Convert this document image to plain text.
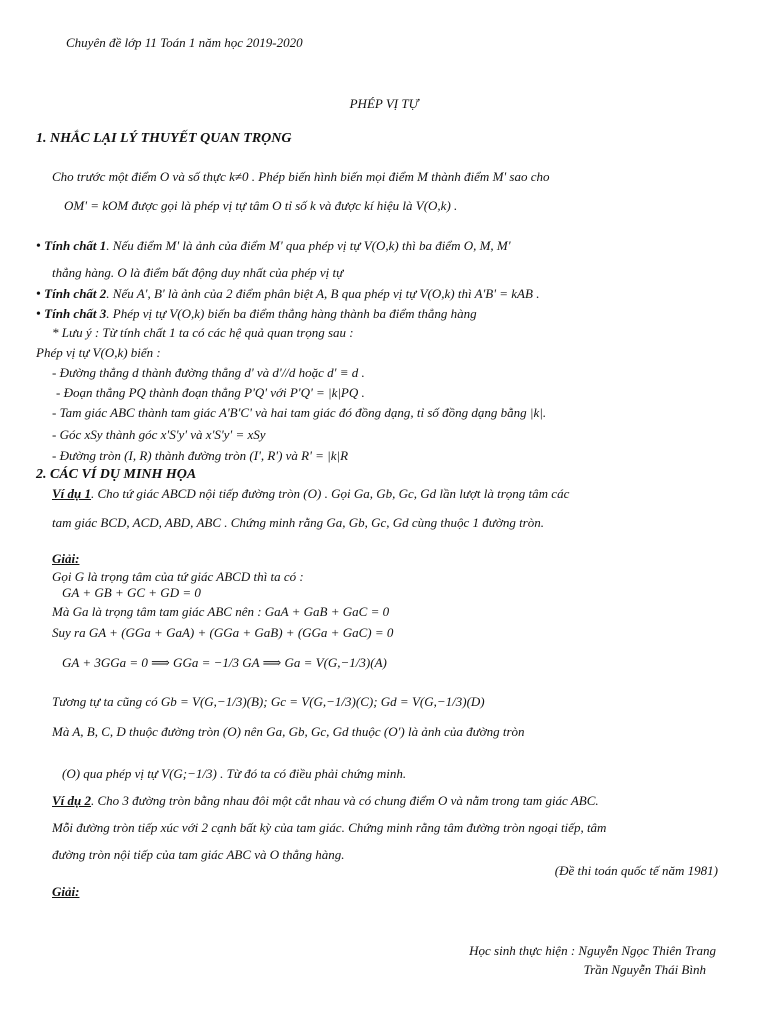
Chuyên đề lớp 11 Toán 1 năm học 2019-2020
PHÉP VỊ TỰ
1. NHẮC LẠI LÝ THUYẾT QUAN TRỌNG
Cho trước một điểm O và số thực k≠0 . Phép biến hình biến mọi điểm M thành điểm M' sao cho
OM' = kOM được gọi là phép vị tự tâm O tỉ số k và được kí hiệu là V(O,k) .
• Tính chất 1. Nếu điểm M' là ảnh của điểm M' qua phép vị tự V(O,k) thì ba điểm O, M, M'
thẳng hàng. O là điểm bất động duy nhất của phép vị tự
• Tính chất 2. Nếu A', B' là ảnh của 2 điểm phân biệt A, B qua phép vị tự V(O,k) thì A'B' = kAB .
• Tính chất 3. Phép vị tự V(O,k) biến ba điểm thẳng hàng thành ba điểm thẳng hàng
* Lưu ý : Từ tính chất 1 ta có các hệ quả quan trọng sau :
Phép vị tự V(O,k) biến :
- Đường thẳng d thành đường thẳng d' và d'//d hoặc d' ≡ d .
- Đoạn thẳng PQ thành đoạn thẳng P'Q' với P'Q' = |k|PQ .
- Tam giác ABC thành tam giác A'B'C' và hai tam giác đó đồng dạng, tỉ số đồng dạng bằng |k|.
- Góc xSy thành góc x'S'y' và x'S'y' = xSy
- Đường tròn (I, R) thành đường tròn (I', R') và R' = |k|R
2. CÁC VÍ DỤ MINH HỌA
Ví dụ 1. Cho tứ giác ABCD nội tiếp đường tròn (O) . Gọi Ga, Gb, Gc, Gd lần lượt là trọng tâm các
tam giác BCD, ACD, ABD, ABC . Chứng minh rằng Ga, Gb, Gc, Gd cùng thuộc 1 đường tròn.
Giải:
Gọi G là trọng tâm của tứ giác ABCD thì ta có :
GA + GB + GC + GD = 0
Mà Ga là trọng tâm tam giác ABC nên : GaA + GaB + GaC = 0
Suy ra GA + (GGa + GaA) + (GGa + GaB) + (GGa + GaC) = 0
GA + 3GGa = 0 ⟹ GGa = −1/3 GA ⟹ Ga = V(G,−1/3)(A)
Tương tự ta cũng có Gb = V(G,−1/3)(B); Gc = V(G,−1/3)(C); Gd = V(G,−1/3)(D)
Mà A, B, C, D thuộc đường tròn (O) nên Ga, Gb, Gc, Gd thuộc (O') là ảnh của đường tròn
(O) qua phép vị tự V(G;−1/3) . Từ đó ta có điều phải chứng minh.
Ví dụ 2. Cho 3 đường tròn bằng nhau đôi một cắt nhau và có chung điểm O và nằm trong tam giác ABC.
Mỗi đường tròn tiếp xúc với 2 cạnh bất kỳ của tam giác. Chứng minh rằng tâm đường tròn ngoại tiếp, tâm
đường tròn nội tiếp của tam giác ABC và O thẳng hàng.
(Đề thi toán quốc tế năm 1981)
Giải:
Học sinh thực hiện : Nguyễn Ngọc Thiên Trang
Trần Nguyễn Thái Bình
